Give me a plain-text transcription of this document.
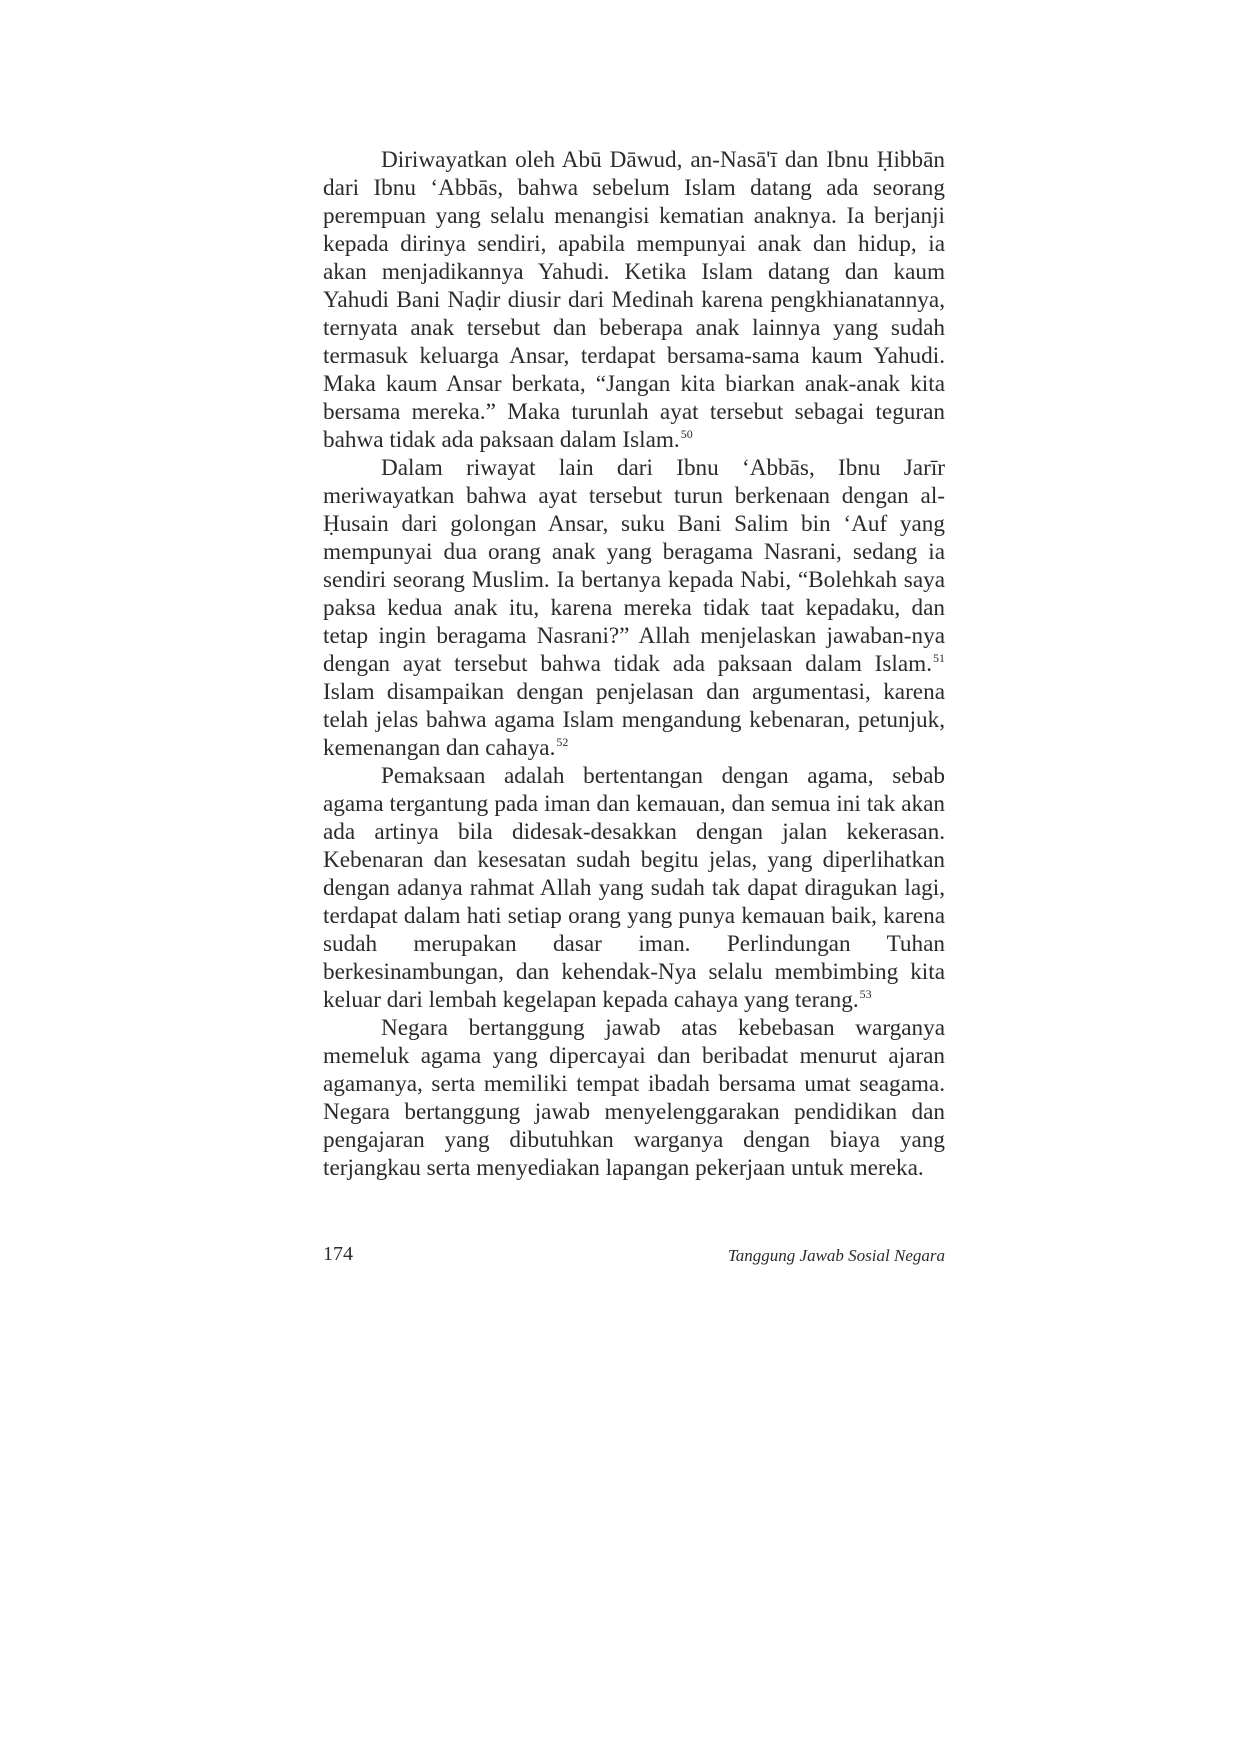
Diriwayatkan oleh Abū Dāwud, an-Nasā'ī dan Ibnu Ḥibbān dari Ibnu ‘Abbās, bahwa sebelum Islam datang ada seorang perempuan yang selalu menangisi kematian anaknya. Ia berjanji kepada dirinya sendiri, apabila mempunyai anak dan hidup, ia akan menjadikannya Yahudi. Ketika Islam datang dan kaum Yahudi Bani Naḍir diusir dari Medinah karena pengkhianatannya, ternyata anak tersebut dan beberapa anak lainnya yang sudah termasuk keluarga Ansar, terdapat bersama-sama kaum Yahudi. Maka kaum Ansar berkata, “Jangan kita biarkan anak-anak kita bersama mereka.” Maka turunlah ayat tersebut sebagai teguran bahwa tidak ada paksaan dalam Islam.$^{50}$

Dalam riwayat lain dari Ibnu ‘Abbās, Ibnu Jarīr meriwayatkan bahwa ayat tersebut turun berkenaan dengan al-Ḥusain dari golongan Ansar, suku Bani Salim bin ‘Auf yang mempunyai dua orang anak yang beragama Nasrani, sedang ia sendiri seorang Muslim. Ia bertanya kepada Nabi, “Bolehkah saya paksa kedua anak itu, karena mereka tidak taat kepadaku, dan tetap ingin beragama Nasrani?” Allah menjelaskan jawaban-nya dengan ayat tersebut bahwa tidak ada paksaan dalam Islam.$^{51}$ Islam disampaikan dengan penjelasan dan argumentasi, karena telah jelas bahwa agama Islam mengandung kebenaran, petunjuk, kemenangan dan cahaya.$^{52}$

Pemaksaan adalah bertentangan dengan agama, sebab agama tergantung pada iman dan kemauan, dan semua ini tak akan ada artinya bila didesak-desakkan dengan jalan kekerasan. Kebenaran dan kesesatan sudah begitu jelas, yang diperlihatkan dengan adanya rahmat Allah yang sudah tak dapat diragukan lagi, terdapat dalam hati setiap orang yang punya kemauan baik, karena sudah merupakan dasar iman. Perlindungan Tuhan berkesinambungan, dan kehendak-Nya selalu membimbing kita keluar dari lembah kegelapan kepada cahaya yang terang.$^{53}$

Negara bertanggung jawab atas kebebasan warganya memeluk agama yang dipercayai dan beribadat menurut ajaran agamanya, serta memiliki tempat ibadah bersama umat seagama. Negara bertanggung jawab menyelenggarakan pendidikan dan pengajaran yang dibutuhkan warganya dengan biaya yang terjangkau serta menyediakan lapangan pekerjaan untuk mereka.

174	Tanggung Jawab Sosial Negara
